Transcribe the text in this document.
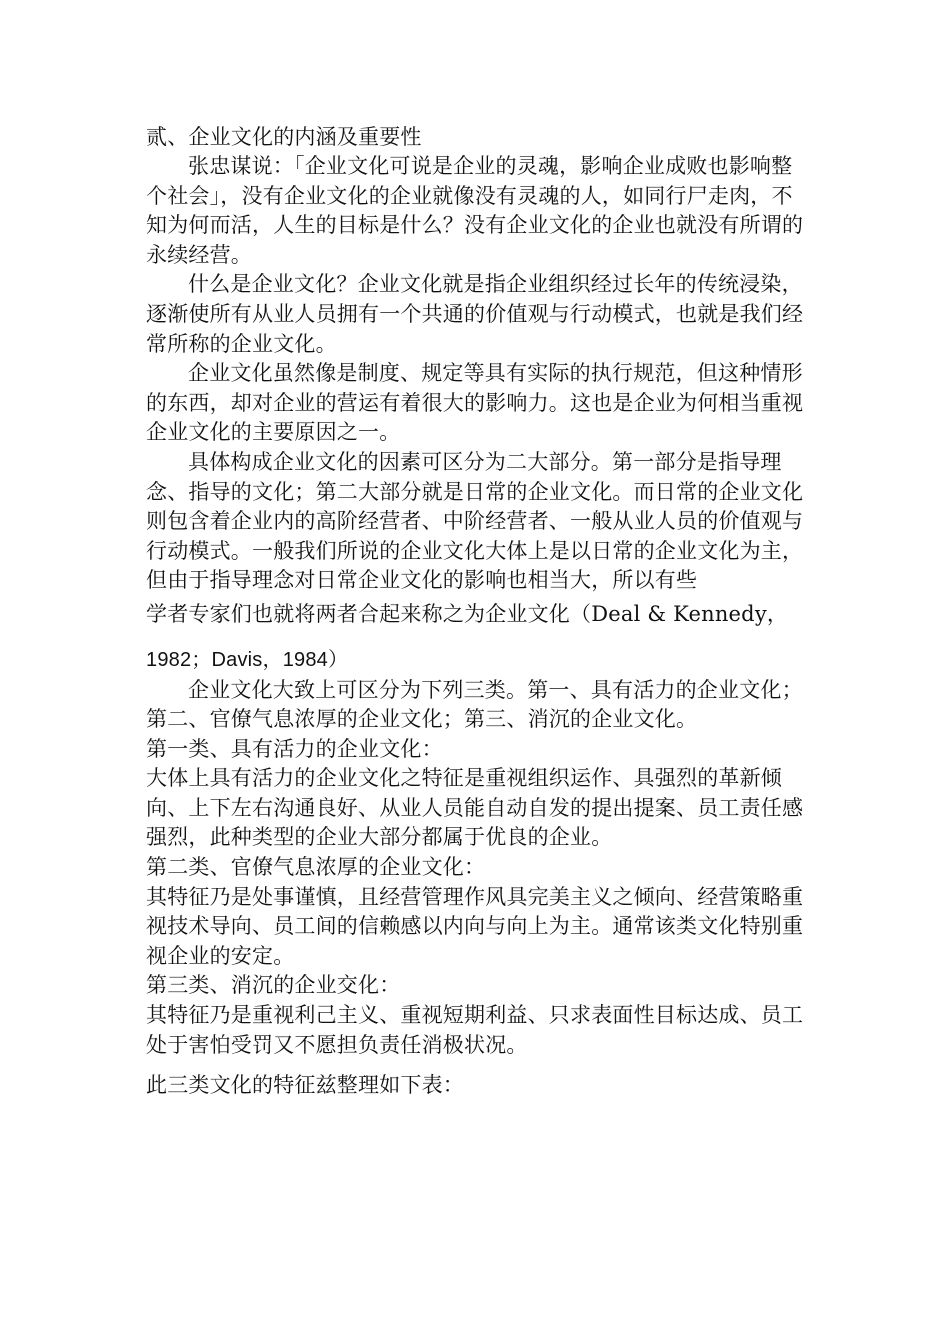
贰、企业文化的内涵及重要性

张忠谋说：「企业文化可说是企业的灵魂，影响企业成败也影响整个社会」，没有企业文化的企业就像没有灵魂的人，如同行尸走肉，不知为何而活，人生的目标是什么？没有企业文化的企业也就没有所谓的永续经营。

什么是企业文化？企业文化就是指企业组织经过长年的传统浸染，逐渐使所有从业人员拥有一个共通的价值观与行动模式，也就是我们经常所称的企业文化。

企业文化虽然像是制度、规定等具有实际的执行规范，但这种情形的东西，却对企业的营运有着很大的影响力。这也是企业为何相当重视企业文化的主要原因之一。

具体构成企业文化的因素可区分为二大部分。第一部分是指导理念、指导的文化；第二大部分就是日常的企业文化。而日常的企业文化则包含着企业内的高阶经营者、中阶经营者、一般从业人员的价值观与行动模式。一般我们所说的企业文化大体上是以日常的企业文化为主，但由于指导理念对日常企业文化的影响也相当大，所以有些

学者专家们也就将两者合起来称之为企业文化（Deal & Kennedy，

1982；Davis，1984）

企业文化大致上可区分为下列三类。第一、具有活力的企业文化；第二、官僚气息浓厚的企业文化；第三、消沉的企业文化。

第一类、具有活力的企业文化：

大体上具有活力的企业文化之特征是重视组织运作、具强烈的革新倾向、上下左右沟通良好、从业人员能自动自发的提出提案、员工责任感强烈，此种类型的企业大部分都属于优良的企业。

第二类、官僚气息浓厚的企业文化：

其特征乃是处事谨慎，且经营管理作风具完美主义之倾向、经营策略重视技术导向、员工间的信赖感以内向与向上为主。通常该类文化特别重视企业的安定。

第三类、消沉的企业交化：

其特征乃是重视利己主义、重视短期利益、只求表面性目标达成、员工处于害怕受罚又不愿担负责任消极状况。

此三类文化的特征兹整理如下表：
